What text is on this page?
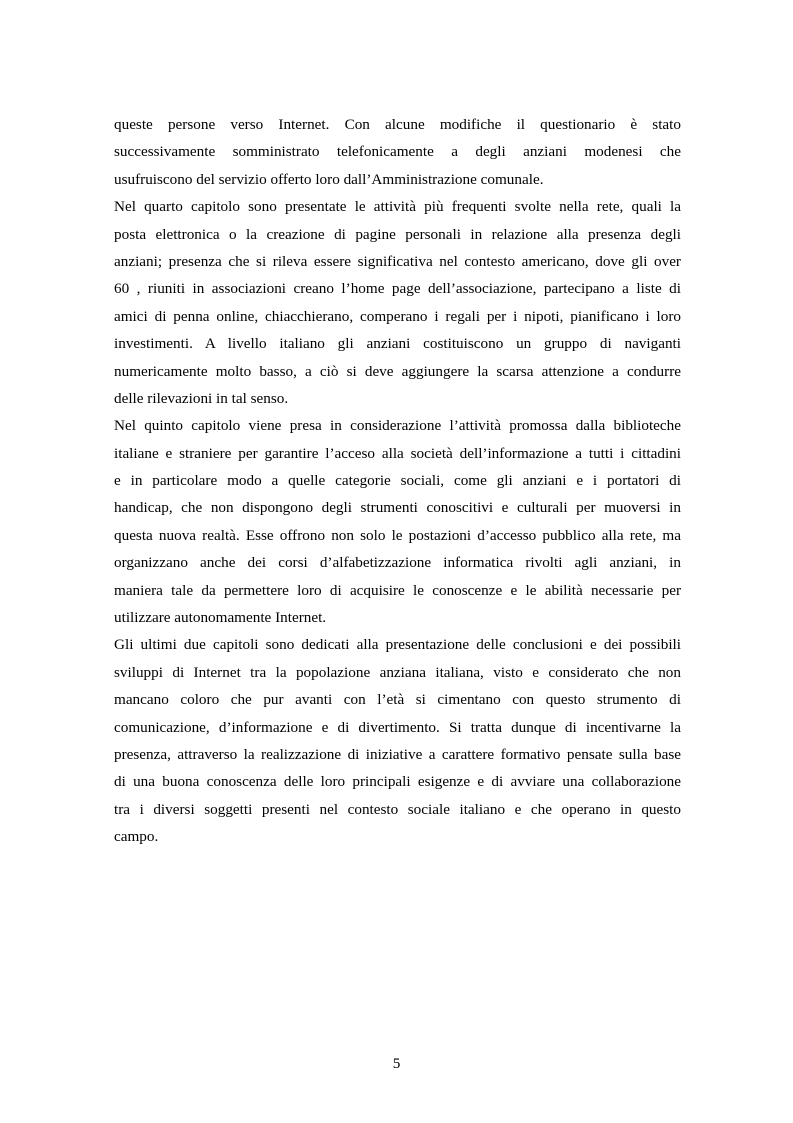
queste persone verso Internet. Con alcune modifiche il questionario è stato
successivamente somministrato telefonicamente a degli anziani modenesi che
usufruiscono del servizio offerto loro dall’Amministrazione comunale.
Nel quarto capitolo sono presentate le attività più frequenti svolte nella rete, quali la
posta elettronica o la creazione di pagine personali in relazione alla presenza degli
anziani; presenza che si rileva essere significativa nel contesto americano, dove gli over
60 , riuniti in associazioni creano l’home page dell’associazione, partecipano a liste di
amici di penna online, chiacchierano, comperano i regali per i nipoti, pianificano i loro
investimenti. A livello italiano gli anziani costituiscono un gruppo di naviganti
numericamente molto basso, a ciò si deve aggiungere la scarsa attenzione a condurre
delle rilevazioni in tal senso.
Nel quinto capitolo viene presa in considerazione l’attività promossa dalla biblioteche
italiane e straniere per garantire l’acceso alla società dell’informazione a tutti i cittadini
e in particolare modo a quelle categorie sociali, come gli anziani e i portatori di
handicap, che non dispongono degli strumenti conoscitivi e culturali per muoversi in
questa nuova realtà. Esse offrono non solo le postazioni d’accesso pubblico alla rete, ma
organizzano anche dei corsi d’alfabetizzazione informatica rivolti agli anziani, in
maniera tale da permettere loro di acquisire le conoscenze e le abilità necessarie per
utilizzare autonomamente Internet.
Gli ultimi due capitoli sono dedicati alla presentazione delle conclusioni e dei possibili
sviluppi di Internet tra la popolazione anziana italiana, visto e considerato che non
mancano coloro che pur avanti con l’età si cimentano con questo strumento di
comunicazione, d’informazione e di divertimento. Si tratta dunque di incentivarne la
presenza, attraverso la realizzazione di iniziative a carattere formativo pensate sulla base
di una buona conoscenza delle loro principali esigenze e di avviare una collaborazione
tra i diversi soggetti presenti nel contesto sociale italiano e che operano in questo
campo.
5
